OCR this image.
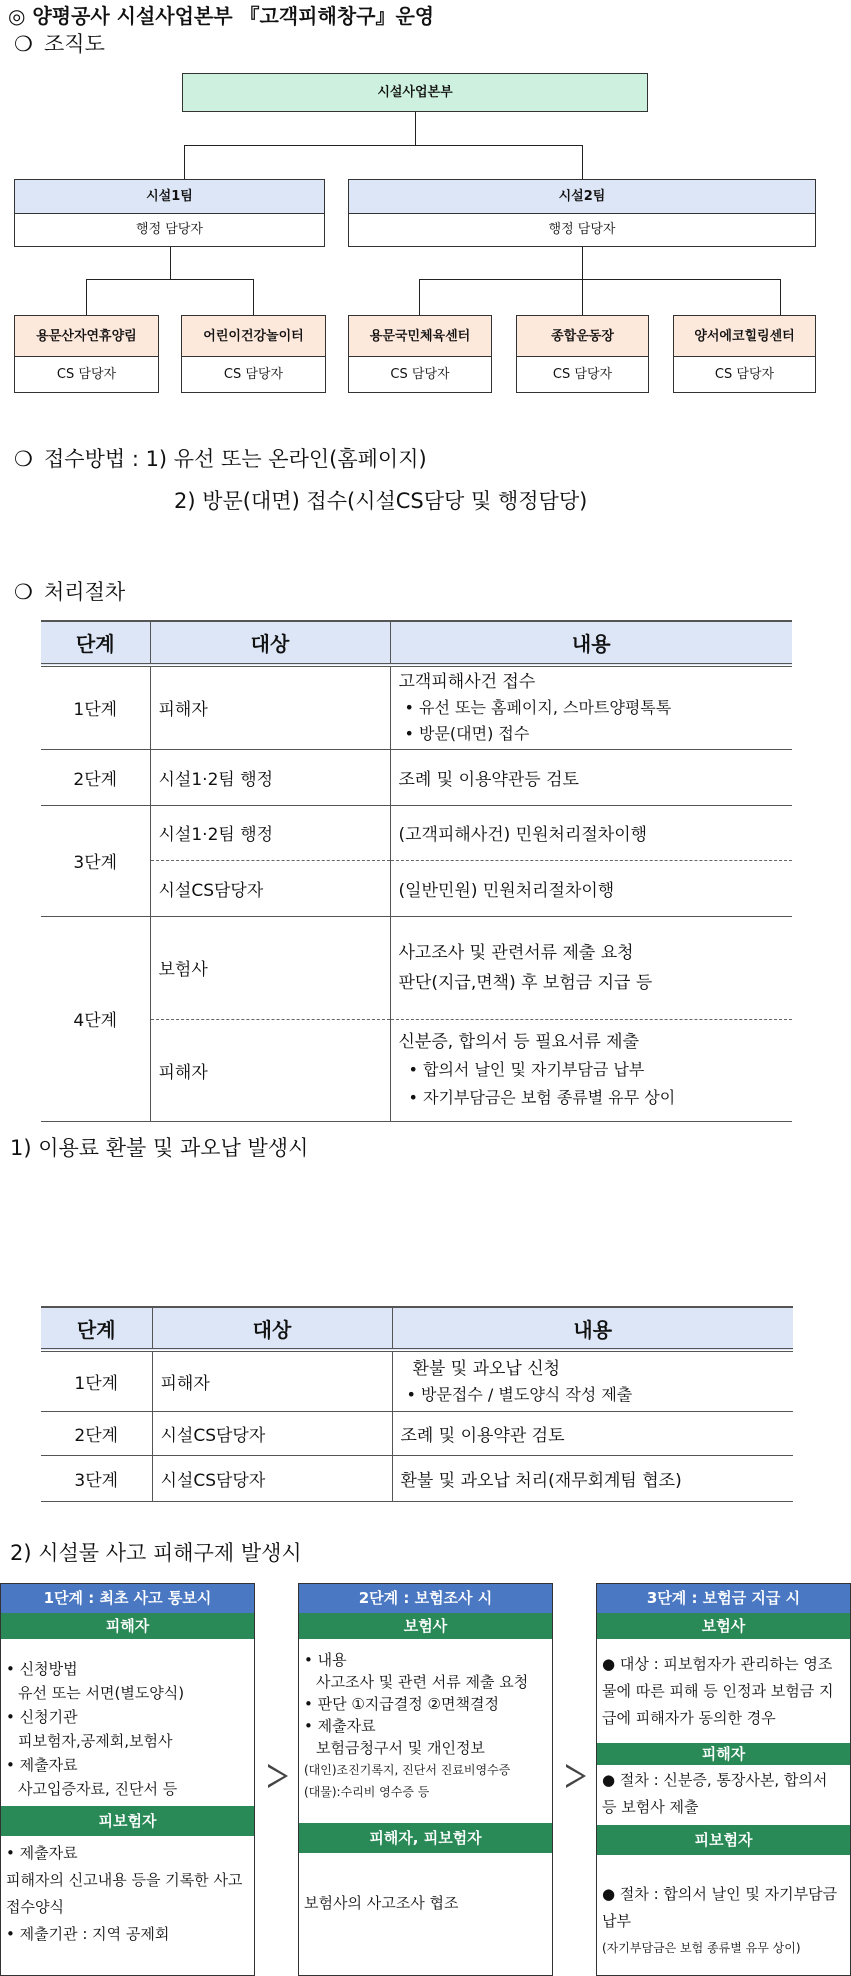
◎ 양평공사 시설사업본부 『고객피해창구』운영
❍ 조직도
시설사업본부
시설1팀
행정 담당자
시설2팀
행정 담당자
용문산자연휴양림
CS 담당자
어린이건강놀이터
CS 담당자
용문국민체육센터
CS 담당자
종합운동장
CS 담당자
양서에코힐링센터
CS 담당자
❍ 접수방법 : 1) 유선 또는 온라인(홈페이지)
2) 방문(대면) 접수(시설CS담당 및 행정담당)
❍ 처리절차
단계	대상	내용
1단계	피해자	고객피해사건 접수
• 유선 또는 홈페이지, 스마트양평톡톡
• 방문(대면) 접수

2단계	시설1·2팀 행정	조례 및 이용약관등 검토
3단계	시설1·2팀 행정	(고객피해사건) 민원처리절차이행
	시설CS담당자	(일반민원) 민원처리절차이행
4단계	보험사	사고조사 및 관련서류 제출 요청
판단(지급,면책) 후 보험금 지급 등

	피해자	신분증, 합의서 등 필요서류 제출
• 합의서 날인 및 자기부담금 납부
• 자기부담금은 보험 종류별 유무 상이
1) 이용료 환불 및 과오납 발생시
단계	대상	내용
1단계	피해자	환불 및 과오납 신청
• 방문접수 / 별도양식 작성 제출

2단계	시설CS담당자	조례 및 이용약관 검토
3단계	시설CS담당자	환불 및 과오납 처리(재무회계팀 협조)
2) 시설물 사고 피해구제 발생시
1단계 : 최초 사고 통보시
피해자
• 신청방법
유선 또는 서면(별도양식)
• 신청기관
피보험자,공제회,보험사
• 제출자료
사고입증자료, 진단서 등
피보험자
• 제출자료
피해자의 신고내용 등을 기록한 사고접수양식
• 제출기관 : 지역 공제회
2단계 : 보험조사 시
보험사
• 내용
사고조사 및 관련 서류 제출 요청
• 판단 ①지급결정 ②면책결정
• 제출자료
보험금청구서 및 개인정보
(대인)조진기록지, 진단서 진료비영수증
(대물):수리비 영수증 등
피해자, 피보험자
보험사의 사고조사 협조
3단계 : 보험금 지급 시
보험사
● 대상 : 피보험자가 관리하는 영조물에 따른 피해 등 인정과 보험금 지급에 피해자가 동의한 경우
피해자
● 절차 : 신분증, 통장사본, 합의서 등 보험사 제출
피보험자
● 절차 : 합의서 날인 및 자기부담금 납부
(자기부담금은 보험 종류별 유무 상이)
